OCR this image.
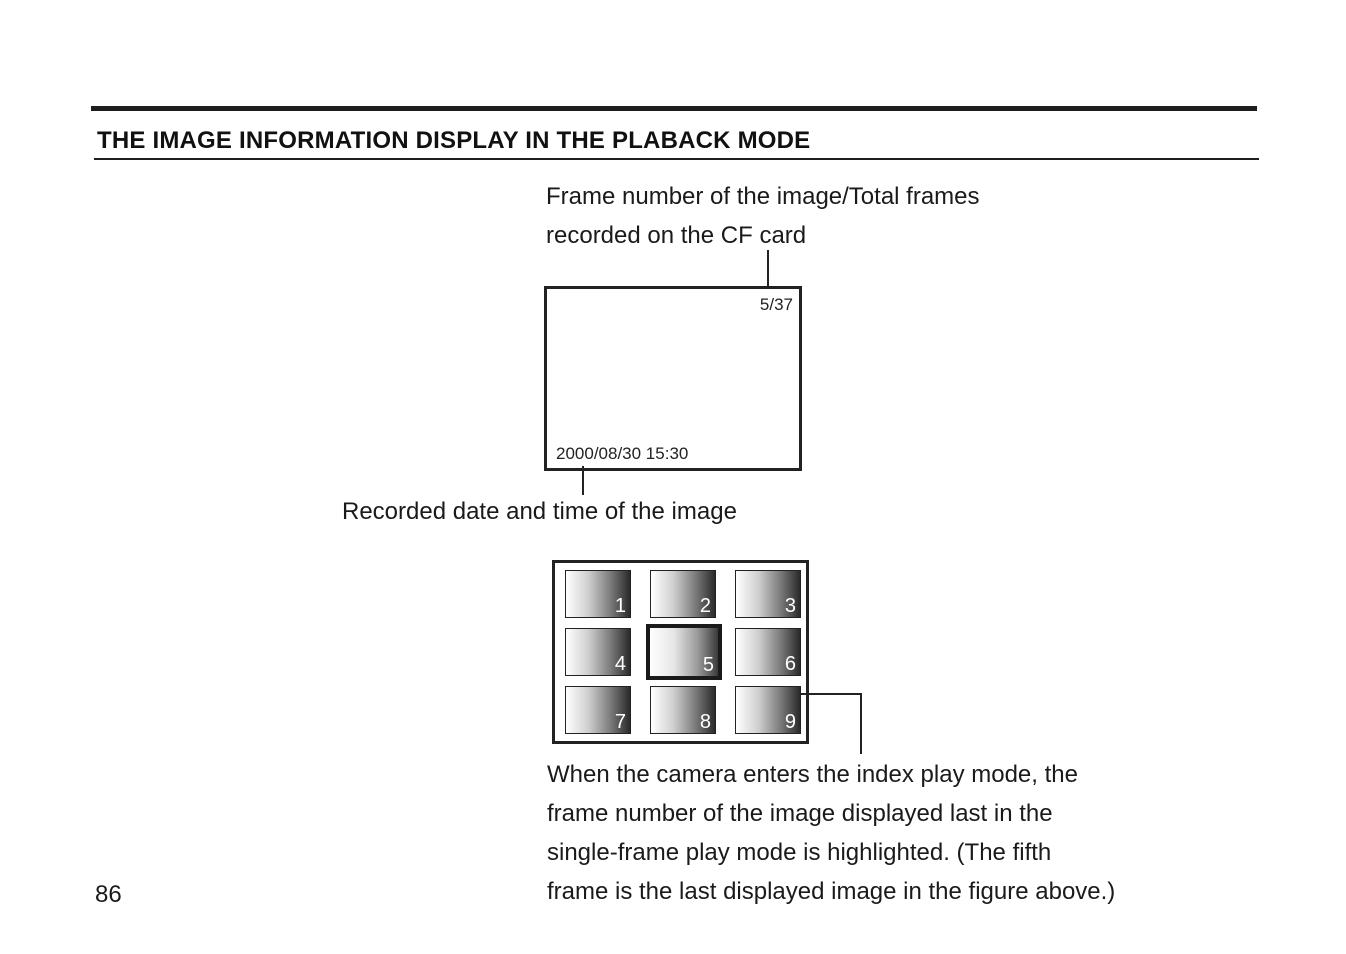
THE IMAGE INFORMATION DISPLAY IN THE PLABACK MODE
Frame number of the image/Total frames
recorded on the CF card
5/37
2000/08/30 15:30
Recorded date and time of the image
1	2	3
4	5	6
7	8	9
When the camera enters the index play mode, the
frame number of the image displayed last in the
single-frame play mode is highlighted. (The fifth
frame is the last displayed image in the figure above.)
86
